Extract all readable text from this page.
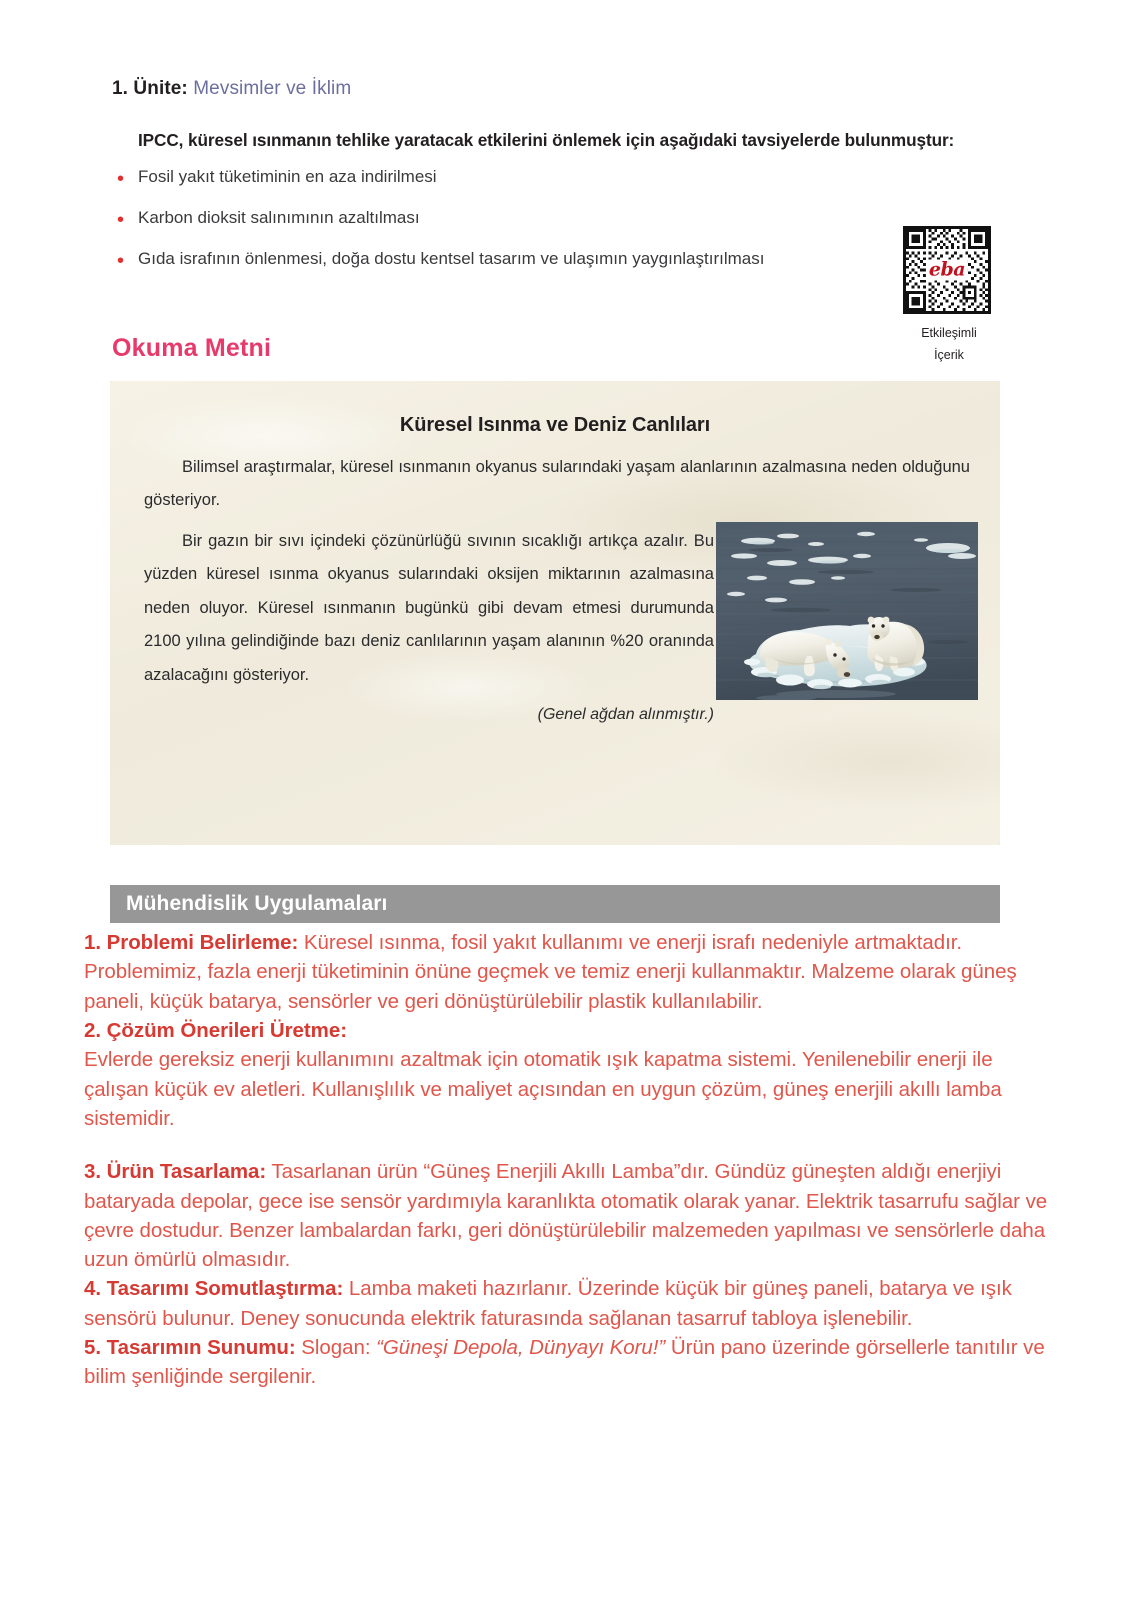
1. Ünite: Mevsimler ve İklim
IPCC, küresel ısınmanın tehlike yaratacak etkilerini önlemek için aşağıdaki tavsiyelerde bulunmuştur:
• Fosil yakıt tüketiminin en aza indirilmesi
• Karbon dioksit salınımının azaltılması
• Gıda israfının önlenmesi, doğa dostu kentsel tasarım ve ulaşımın yaygınlaştırılması	eba
Etkileşimli
İçerik
Okuma Metni
Küresel Isınma ve Deniz Canlıları
Bilimsel araştırmalar, küresel ısınmanın okyanus sularındaki yaşam alanlarının azalmasına neden olduğunu gösteriyor.
Bir gazın bir sıvı içindeki çözünürlüğü sıvının sıcaklığı artıkça azalır. Bu yüzden küresel ısınma okyanus sularındaki oksijen miktarının azalmasına neden oluyor. Küresel ısınmanın bugünkü gibi devam etmesi durumunda 2100 yılına gelindiğinde bazı deniz canlılarının yaşam alanının %20 oranında azalacağını gösteriyor.
(Genel ağdan alınmıştır.)
Mühendislik Uygulamaları

1. Problemi Belirleme: Küresel ısınma, fosil yakıt kullanımı ve enerji israfı nedeniyle artmaktadır. Problemimiz, fazla enerji tüketiminin önüne geçmek ve temiz enerji kullanmaktır. Malzeme olarak güneş paneli, küçük batarya, sensörler ve geri dönüştürülebilir plastik kullanılabilir.

2. Çözüm Önerileri Üretme:

Evlerde gereksiz enerji kullanımını azaltmak için otomatik ışık kapatma sistemi. Yenilenebilir enerji ile çalışan küçük ev aletleri. Kullanışlılık ve maliyet açısından en uygun çözüm, güneş enerjili akıllı lamba sistemidir.

3. Ürün Tasarlama: Tasarlanan ürün “Güneş Enerjili Akıllı Lamba”dır. Gündüz güneşten aldığı enerjiyi bataryada depolar, gece ise sensör yardımıyla karanlıkta otomatik olarak yanar. Elektrik tasarrufu sağlar ve çevre dostudur. Benzer lambalardan farkı, geri dönüştürülebilir malzemeden yapılması ve sensörlerle daha uzun ömürlü olmasıdır.

4. Tasarımı Somutlaştırma: Lamba maketi hazırlanır. Üzerinde küçük bir güneş paneli, batarya ve ışık sensörü bulunur. Deney sonucunda elektrik faturasında sağlanan tasarruf tabloya işlenebilir.

5. Tasarımın Sunumu: Slogan: “Güneşi Depola, Dünyayı Koru!” Ürün pano üzerinde görsellerle tanıtılır ve bilim şenliğinde sergilenir.
